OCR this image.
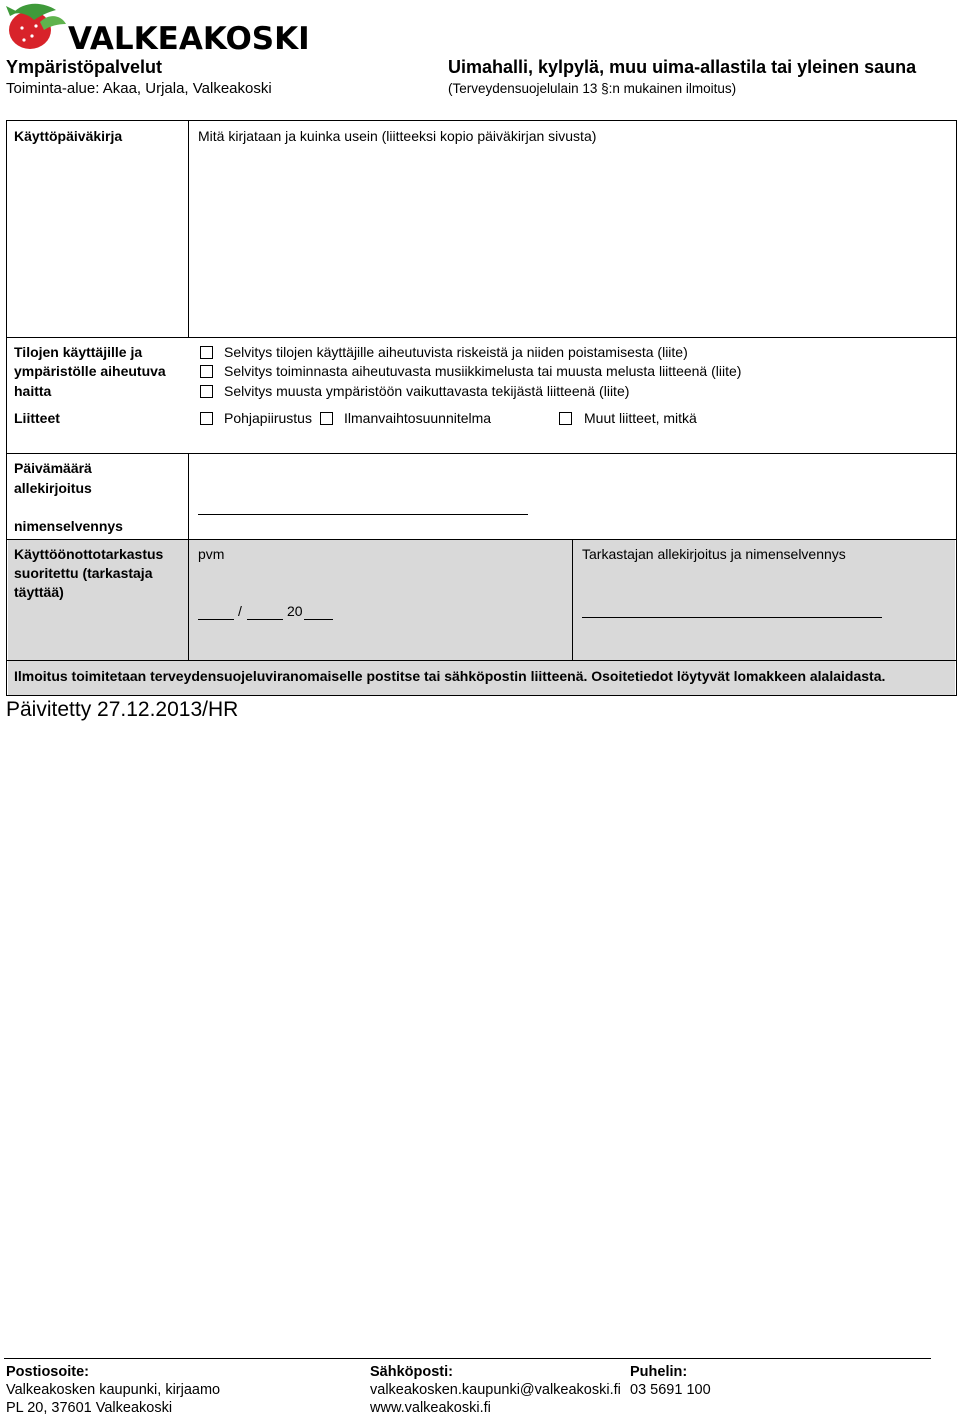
VALKEAKOSKI
Ympäristöpalvelut
Toiminta-alue: Akaa, Urjala, Valkeakoski
Uimahalli, kylpylä, muu uima-allastila tai yleinen sauna
(Terveydensuojelulain 13 §:n mukainen ilmoitus)
Käyttöpäiväkirja	Mitä kirjataan ja kuinka usein (liitteeksi kopio päiväkirjan sivusta)
Tilojen käyttäjille ja
ympäristölle aiheutuva
haitta
Selvitys tilojen käyttäjille aiheutuvista riskeistä ja niiden poistamisesta (liite)
Selvitys toiminnasta aiheutuvasta musiikkimelusta tai muusta melusta liitteenä (liite)
Selvitys muusta ympäristöön vaikuttavasta tekijästä liitteenä (liite)
Liitteet	Pohjapiirustus Ilmanvaihtosuunnitelma	Muut liitteet, mitkä
Päivämäärä
allekirjoitus
nimenselvennys
Käyttöönottotarkastus
suoritettu (tarkastaja
täyttää)
pvm
/	20
Tarkastajan allekirjoitus ja nimenselvennys
Ilmoitus toimitetaan terveydensuojeluviranomaiselle postitse tai sähköpostin liitteenä. Osoitetiedot löytyvät lomakkeen alalaidasta.
Päivitetty 27.12.2013/HR
Postiosoite:
Valkeakosken kaupunki, kirjaamo
PL 20, 37601 Valkeakoski
Sähköposti:
valkeakosken.kaupunki@valkeakoski.fi
www.valkeakoski.fi
Puhelin:
03 5691 100
